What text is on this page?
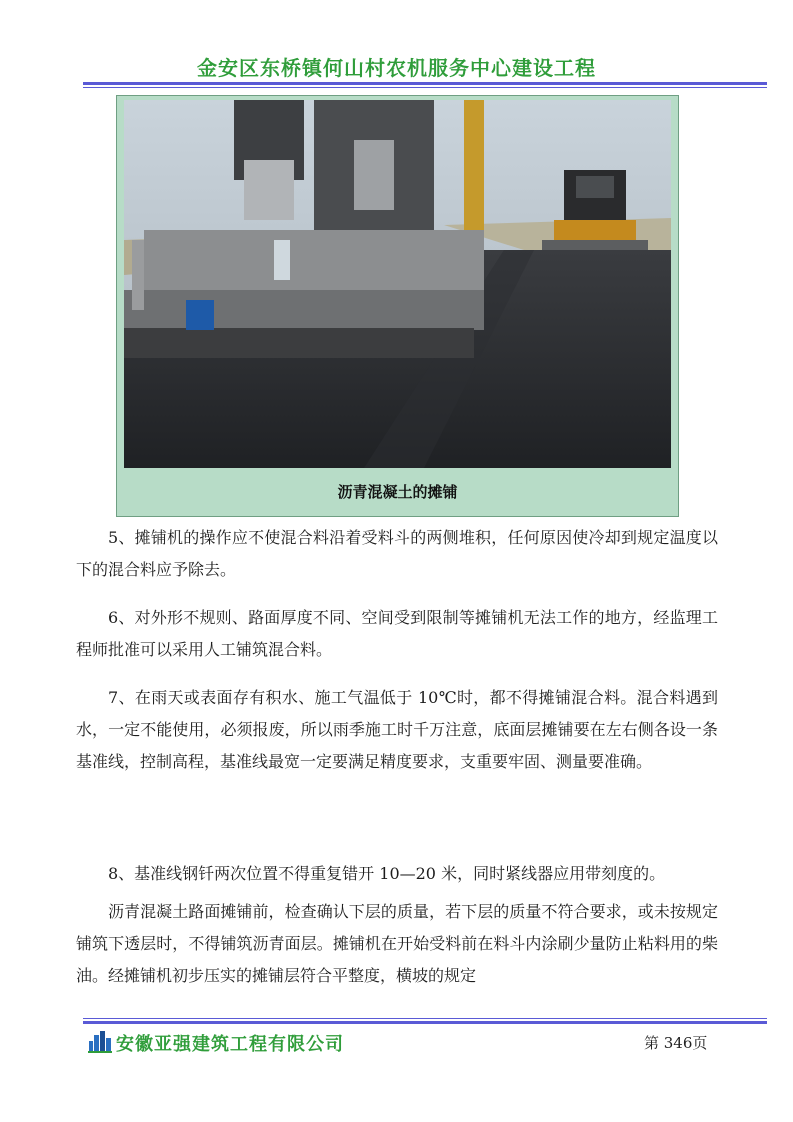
金安区东桥镇何山村农机服务中心建设工程
沥青混凝土的摊铺

5、摊铺机的操作应不使混合料沿着受料斗的两侧堆积，任何原因使冷却到规定温度以下的混合料应予除去。

6、对外形不规则、路面厚度不同、空间受到限制等摊铺机无法工作的地方，经监理工程师批准可以采用人工铺筑混合料。

7、在雨天或表面存有积水、施工气温低于 10℃时，都不得摊铺混合料。混合料遇到水，一定不能使用，必须报废，所以雨季施工时千万注意，底面层摊铺要在左右侧各设一条基准线，控制高程，基准线最宽一定要满足精度要求，支重要牢固、测量要准确。

8、基准线钢钎两次位置不得重复错开 10—20 米，同时紧线器应用带刻度的。

沥青混凝土路面摊铺前，检查确认下层的质量，若下层的质量不符合要求，或未按规定铺筑下透层时，不得铺筑沥青面层。摊铺机在开始受料前在料斗内涂刷少量防止粘料用的柴油。经摊铺机初步压实的摊铺层符合平整度，横坡的规定

安徽亚强建筑工程有限公司	第 346页
